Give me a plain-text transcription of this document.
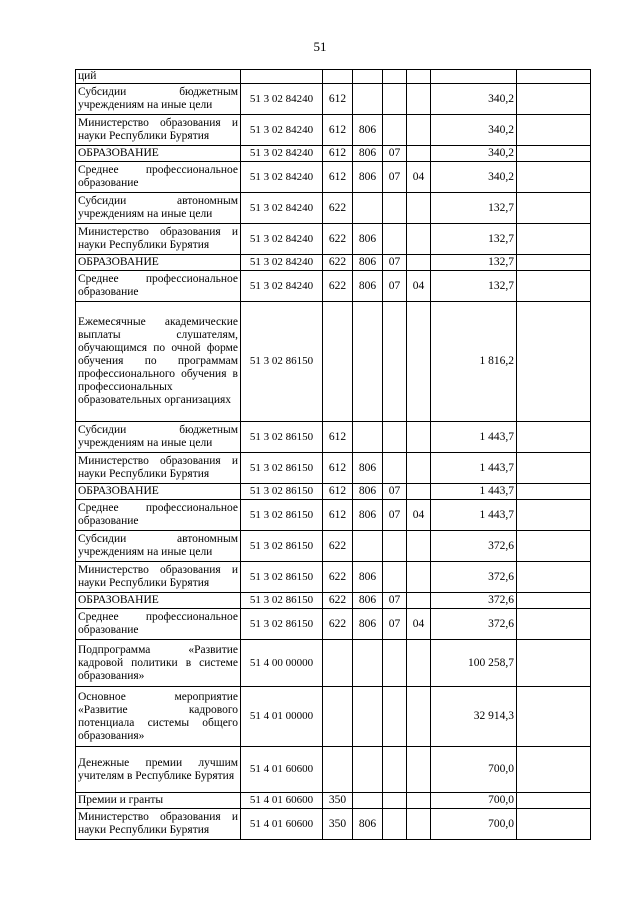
51
ций							
Субсидии бюджетным учреждениям на иные цели	51 3 02 84240	612				340,2	
Министерство образования и науки Республики Бурятия	51 3 02 84240	612	806			340,2	
ОБРАЗОВАНИЕ	51 3 02 84240	612	806	07		340,2	
Среднее профессиональное образование	51 3 02 84240	612	806	07	04	340,2	
Субсидии автономным учреждениям на иные цели	51 3 02 84240	622				132,7	
Министерство образования и науки Республики Бурятия	51 3 02 84240	622	806			132,7	
ОБРАЗОВАНИЕ	51 3 02 84240	622	806	07		132,7	
Среднее профессиональное образование	51 3 02 84240	622	806	07	04	132,7	
Ежемесячные академические выплаты слушателям, обучающимся по очной форме обучения по программам профессионального обучения в профессиональных образовательных организациях	51 3 02 86150					1 816,2	
Субсидии бюджетным учреждениям на иные цели	51 3 02 86150	612				1 443,7	
Министерство образования и науки Республики Бурятия	51 3 02 86150	612	806			1 443,7	
ОБРАЗОВАНИЕ	51 3 02 86150	612	806	07		1 443,7	
Среднее профессиональное образование	51 3 02 86150	612	806	07	04	1 443,7	
Субсидии автономным учреждениям на иные цели	51 3 02 86150	622				372,6	
Министерство образования и науки Республики Бурятия	51 3 02 86150	622	806			372,6	
ОБРАЗОВАНИЕ	51 3 02 86150	622	806	07		372,6	
Среднее профессиональное образование	51 3 02 86150	622	806	07	04	372,6	
Подпрограмма «Развитие кадровой политики в системе образования»	51 4 00 00000					100 258,7	
Основное мероприятие «Развитие кадрового потенциала системы общего образования»	51 4 01 00000					32 914,3	
Денежные премии лучшим учителям в Республике Бурятия	51 4 01 60600					700,0	
Премии и гранты	51 4 01 60600	350				700,0	
Министерство образования и науки Республики Бурятия	51 4 01 60600	350	806			700,0	
